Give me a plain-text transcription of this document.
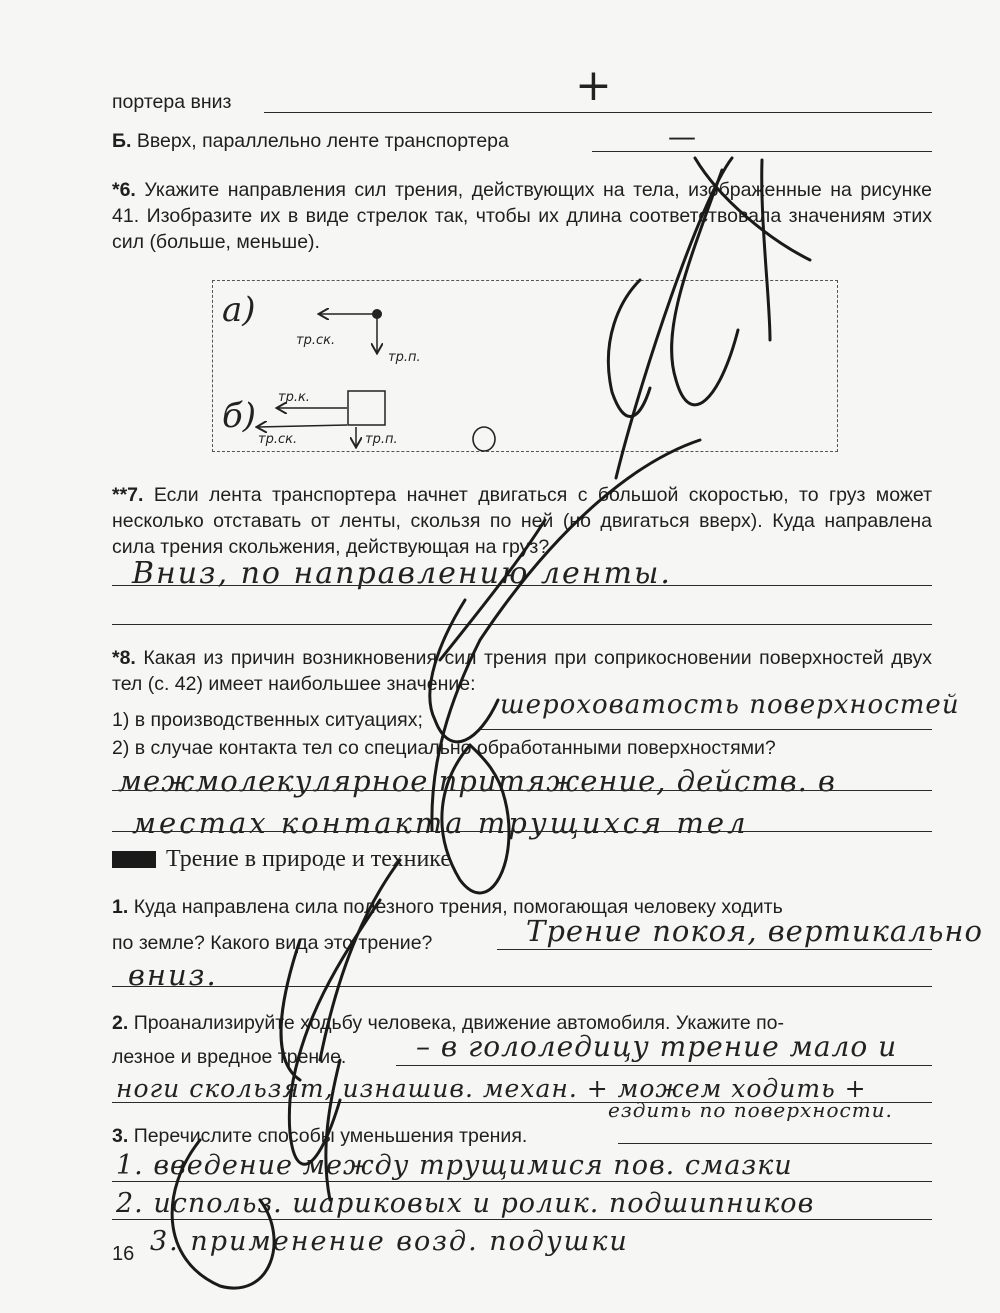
портера вниз	+

Б. Вверх, параллельно ленте транспортера	—

*6. Укажите направления сил трения, действующих на тела, изображенные на рисунке 41. Изобразите их в виде стрелок так, чтобы их длина соответствовала значениям этих сил (больше, меньше).

а)
тр.ск.
тр.п.
б) тр.к.
тр.ск.	тр.п.

**7. Если лента транспортера начнет двигаться с большой скоростью, то груз может несколько отставать от ленты, скользя по ней (но двигаться вверх). Куда направлена сила трения скольжения, действующая на груз?

Вниз, по направлению ленты.

*8. Какая из причин возникновения сил трения при соприкосновении поверхностей двух тел (с. 42) имеет наибольшее значение:

1) в производственных ситуациях;	шероховатость поверхностей

2) в случае контакта тел со специально обработанными поверхностями?

межмолекулярное притяжение, действ. в
местах контакта трущихся тел
Трение в природе и технике

1. Куда направлена сила полезного трения, помогающая человеку ходить

по земле? Какого вида это трение?	Трение покоя, вертикально
вниз.

2. Проанализируйте ходьбу человека, движение автомобиля. Укажите по-

лезное и вредное трение. – в гололедицу трение мало и
ноги скользят, изнашив. механ. + можем ходить +
ездить по поверхности.

3. Перечислите способы уменьшения трения.

1. введение между трущимися пов. смазки
2. использ. шариковых и ролик. подшипников
3. применение возд. подушки
16
